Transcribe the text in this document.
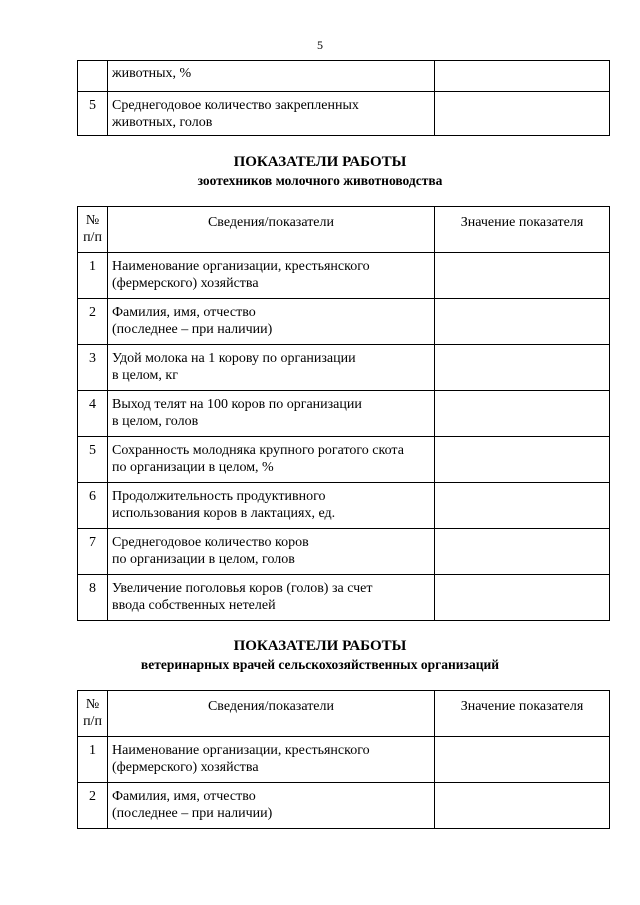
5
	животных, %	
5	Среднегодовое количество закрепленных
животных, голов	
ПОКАЗАТЕЛИ РАБОТЫ
зоотехников молочного животноводства
№
п/п	Сведения/показатели	Значение показателя
1	Наименование организации, крестьянского
(фермерского) хозяйства	
2	Фамилия, имя, отчество
(последнее – при наличии)	
3	Удой молока на 1 корову по организации
в целом, кг	
4	Выход телят на 100 коров по организации
в целом, голов	
5	Сохранность молодняка крупного рогатого скота
по организации в целом, %	
6	Продолжительность продуктивного
использования коров в лактациях, ед.	
7	Среднегодовое количество коров
по организации в целом, голов	
8	Увеличение поголовья коров (голов) за счет
ввода собственных нетелей	
ПОКАЗАТЕЛИ РАБОТЫ
ветеринарных врачей сельскохозяйственных организаций
№
п/п	Сведения/показатели	Значение показателя
1	Наименование организации, крестьянского
(фермерского) хозяйства	
2	Фамилия, имя, отчество
(последнее – при наличии)	
